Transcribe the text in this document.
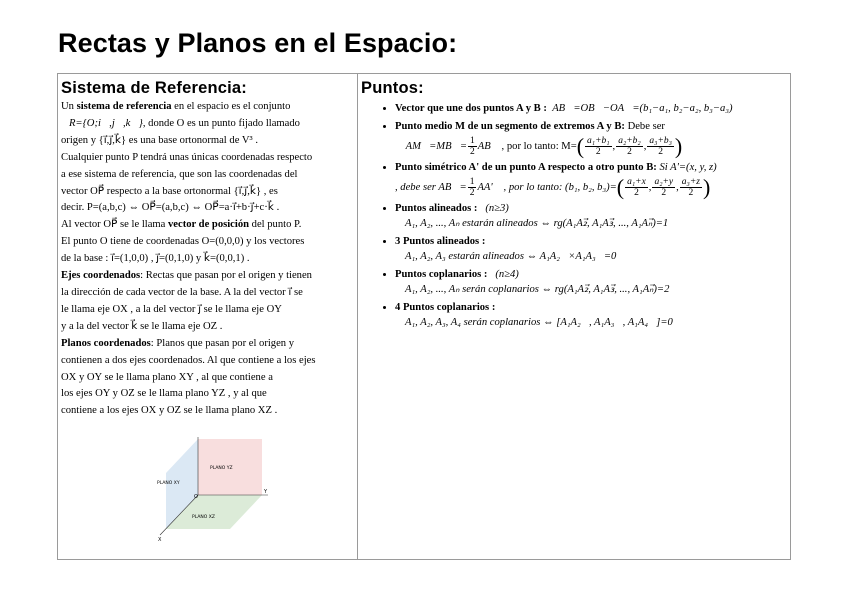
Rectas y Planos en el Espacio:
Sistema de Referencia:

Un sistema de referencia en el espacio es el conjunto
R={O;i⃗,j⃗,k⃗}, donde O es un punto fijado llamado
origen y {i⃗,j⃗,k⃗} es una base ortonormal de V³ .

Cualquier punto P tendrá unas únicas coordenadas respecto
a ese sistema de referencia, que son las coordenadas del
vector OP⃗ respecto a la base ortonormal {i⃗,j⃗,k⃗} , es
decir. P=(a,b,c) ⇔ OP⃗=(a,b,c) ⇔ OP⃗=a·i⃗+b·j⃗+c·k⃗ .
Al vector OP⃗ se le llama vector de posición del punto P.

El punto O tiene de coordenadas O=(0,0,0) y los vectores
de la base : i⃗=(1,0,0) , j⃗=(0,1,0) y k⃗=(0,0,1) .

Ejes coordenados: Rectas que pasan por el origen y tienen
la dirección de cada vector de la base. A la del vector i⃗ se
le llama eje OX , a la del vector j⃗ se le llama eje OY
y a la del vector k⃗ se le llama eje OZ .

Planos coordenados: Planos que pasan por el origen y
contienen a dos ejes coordenados. Al que contiene a los ejes
OX y OY se le llama plano XY , al que contiene a
los ejes OY y OZ se le llama plano YZ , y al que
contiene a los ejes OX y OZ se le llama plano XZ .

PLANO YZ
PLANO XY
PLANO XZ
O
Y
X
Puntos:
• Vector que une dos puntos A y B : AB⃗=OB⃗−OA⃗=(b₁−a₁, b₂−a₂, b₃−a₃)
• Punto medio M de un segmento de extremos A y B: Debe ser
AM⃗=MB⃗= $\frac{1}{2}$ AB⃗ , por lo tanto: $M=( \frac{\text{a₁+b₁}}{2}$ , $\frac{\text{a₂+b₂}}{2}$ , $\frac{\text{a₃+b₃}}{2}$ )
• Punto simétrico A' de un punto A respecto a otro punto B: Si A'=(x, y, z)
, debe ser AB⃗= $\frac{1}{2}$ AA'⃗ , por lo tanto: (b₁, b₂, $b_3)=( \frac{\text{a₁+x}}{2}$ , $\frac{\text{a₂+y}}{2}$ , $\frac{\text{a₃+z}}{2}$ )
• Puntos alineados : (n≥3)
A₁, A₂, ..., Aₙ estarán alineados ⇔ rg(A₁A₂⃗, A₁A₃⃗, ..., A₁Aₙ⃗)=1
• 3 Puntos alineados :
A₁, A₂, A₃ estarán alineados ⇔ A₁A₂⃗×A₁A₃⃗=0⃗
• Puntos coplanarios : (n≥4)
A₁, A₂, ..., Aₙ serán coplanarios ⇔ rg(A₁A₂⃗, A₁A₃⃗, ..., A₁Aₙ⃗)=2
• 4 Puntos coplanarios :
A₁, A₂, A₃, A₄ serán coplanarios ⇔ [A₁A₂⃗, A₁A₃⃗, A₁A₄⃗]=0
